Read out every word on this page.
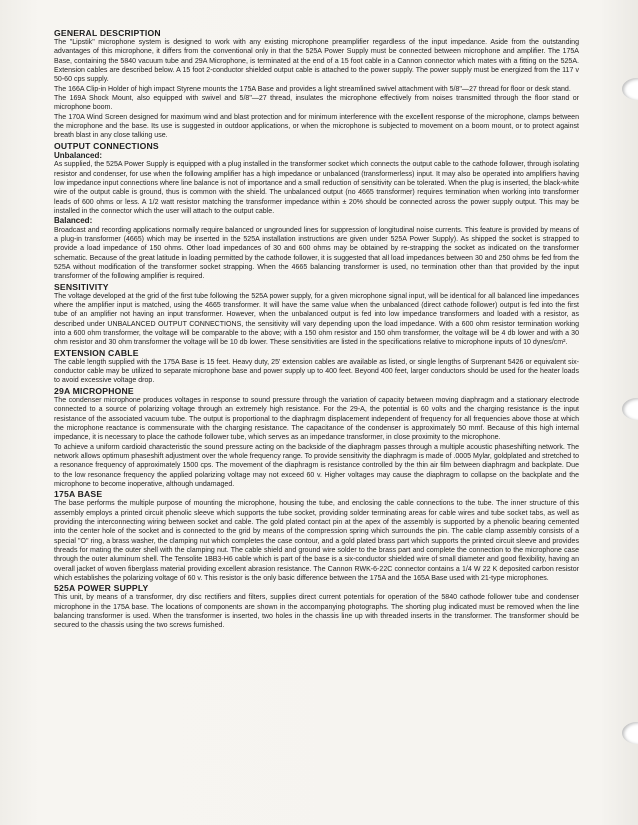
GENERAL DESCRIPTION

The "Lipstik" microphone system is designed to work with any existing microphone preamplifier regardless of the input impedance. Aside from the outstanding advantages of this microphone, it differs from the conventional only in that the 525A Power Supply must be connected between microphone and amplifier. The 175A Base, containing the 5840 vacuum tube and 29A Microphone, is terminated at the end of a 15 foot cable in a Cannon connector which mates with a fitting on the 525A. Extension cables are described below. A 15 foot 2-conductor shielded output cable is attached to the power supply. The power supply must be energized from the 117 v 50-60 cps supply.

The 166A Clip-in Holder of high impact Styrene mounts the 175A Base and provides a light streamlined swivel attachment with 5/8"—27 thread for floor or desk stand.

The 169A Shock Mount, also equipped with swivel and 5/8"—27 thread, insulates the microphone effectively from noises transmitted through the floor stand or microphone boom.

The 170A Wind Screen designed for maximum wind and blast protection and for minimum interference with the excellent response of the microphone, clamps between the microphone and the base. Its use is suggested in outdoor applications, or when the microphone is subjected to movement on a boom mount, or to protect against breath blast in any close talking use.

OUTPUT CONNECTIONS
Unbalanced:

As supplied, the 525A Power Supply is equipped with a plug installed in the transformer socket which connects the output cable to the cathode follower, through isolating resistor and condenser, for use when the following amplifier has a high impedance or unbalanced (transformerless) input. It may also be operated into amplifiers having low impedance input connections where line balance is not of importance and a small reduction of sensitivity can be tolerated. When the plug is inserted, the black-white wire of the output cable is ground, thus is common with the shield. The unbalanced output (no 4665 transformer) requires termination when working into transformer leads of 600 ohms or less. A 1/2 watt resistor matching the transformer impedance within ± 20% should be connected across the power supply output. This may be installed in the connector which the user will attach to the output cable.

Balanced:

Broadcast and recording applications normally require balanced or ungrounded lines for suppression of longitudinal noise currents. This feature is provided by means of a plug-in transformer (4665) which may be inserted in the 525A installation instructions are given under 525A Power Supply). As shipped the socket is strapped to provide a load impedance of 150 ohms. Other load impedances of 30 and 600 ohms may be obtained by re-strapping the socket as indicated on the transformer schematic. Because of the great latitude in loading permitted by the cathode follower, it is suggested that all load impedances between 30 and 250 ohms be fed from the 525A without modification of the transformer socket strapping. When the 4665 balancing transformer is used, no termination other than that provided by the input transformer of the following amplifier is required.

SENSITIVITY

The voltage developed at the grid of the first tube following the 525A power supply, for a given microphone signal input, will be identical for all balanced line impedances where the amplifier input is matched, using the 4665 transformer. It will have the same value when the unbalanced (direct cathode follower) output is fed into the first tube of an amplifier not having an input transformer. However, when the unbalanced output is fed into low impedance transformers and loaded with a resistor, as described under UNBALANCED OUTPUT CONNECTIONS, the sensitivity will vary depending upon the load impedance. With a 600 ohm resistor termination working into a 600 ohm transformer, the voltage will be comparable to the above; with a 150 ohm resistor and 150 ohm transformer, the voltage will be 4 db lower and with a 30 ohm resistor and 30 ohm transformer the voltage will be 10 db lower. These sensitivities are listed in the specifications relative to microphone inputs of 10 dynes/cm².

EXTENSION CABLE

The cable length supplied with the 175A Base is 15 feet. Heavy duty, 25' extension cables are available as listed, or single lengths of Surprenant 5426 or equivalent six-conductor cable may be utilized to separate microphone base and power supply up to 400 feet. Beyond 400 feet, larger conductors should be used for the heater loads to avoid excessive voltage drop.

29A MICROPHONE

The condenser microphone produces voltages in response to sound pressure through the variation of capacity between moving diaphragm and a stationary electrode connected to a source of polarizing voltage through an extremely high resistance. For the 29-A, the potential is 60 volts and the charging resistance is the input resistance of the associated vacuum tube. The output is proportional to the diaphragm displacement independent of frequency for all frequencies above those at which the microphone reactance is commensurate with the charging resistance. The capacitance of the condenser is approximately 50 mmf. Because of this high internal impedance, it is necessary to place the cathode follower tube, which serves as an impedance transformer, in close proximity to the microphone.

To achieve a uniform cardioid characteristic the sound pressure acting on the backside of the diaphragm passes through a multiple acoustic phaseshifting network. The network allows optimum phaseshift adjustment over the whole frequency range. To provide sensitivity the diaphragm is made of .0005 Mylar, goldplated and stretched to a resonance frequency of approximately 1500 cps. The movement of the diaphragm is resistance controlled by the thin air film between diaphragm and backplate. Due to the low resonance frequency the applied polarizing voltage may not exceed 60 v. Higher voltages may cause the diaphragm to collapse on the backplate and the microphone to become inoperative, although undamaged.

175A BASE

The base performs the multiple purpose of mounting the microphone, housing the tube, and enclosing the cable connections to the tube. The inner structure of this assembly employs a printed circuit phenolic sleeve which supports the tube socket, providing solder terminating areas for cable wires and tube socket tabs, as well as providing the interconnecting wiring between socket and cable. The gold plated contact pin at the apex of the assembly is supported by a phenolic bearing cemented into the center hole of the socket and is connected to the grid by means of the compression spring which surrounds the pin. The cable clamp assembly consists of a special "O" ring, a brass washer, the clamping nut which completes the case contour, and a gold plated brass part which supports the printed circuit sleeve and provides threads for mating the outer shell with the clamping nut. The cable shield and ground wire solder to the brass part and complete the connection to the microphone case through the outer aluminum shell. The Tensolite 1BB3-H6 cable which is part of the base is a six-conductor shielded wire of small diameter and good flexibility, having an overall jacket of woven fiberglass material providing excellent abrasion resistance. The Cannon RWK-6-22C connector contains a 1/4 W 22 K deposited carbon resistor which establishes the polarizing voltage of 60 v. This resistor is the only basic difference between the 175A and the 165A Base used with 21-type microphones.

525A POWER SUPPLY

This unit, by means of a transformer, dry disc rectifiers and filters, supplies direct current potentials for operation of the 5840 cathode follower tube and condenser microphone in the 175A base. The locations of components are shown in the accompanying photographs. The shorting plug indicated must be removed when the line balancing transformer is used. When the transformer is inserted, two holes in the chassis line up with threaded inserts in the transformer. The transformer should be secured to the chassis using the two screws furnished.
